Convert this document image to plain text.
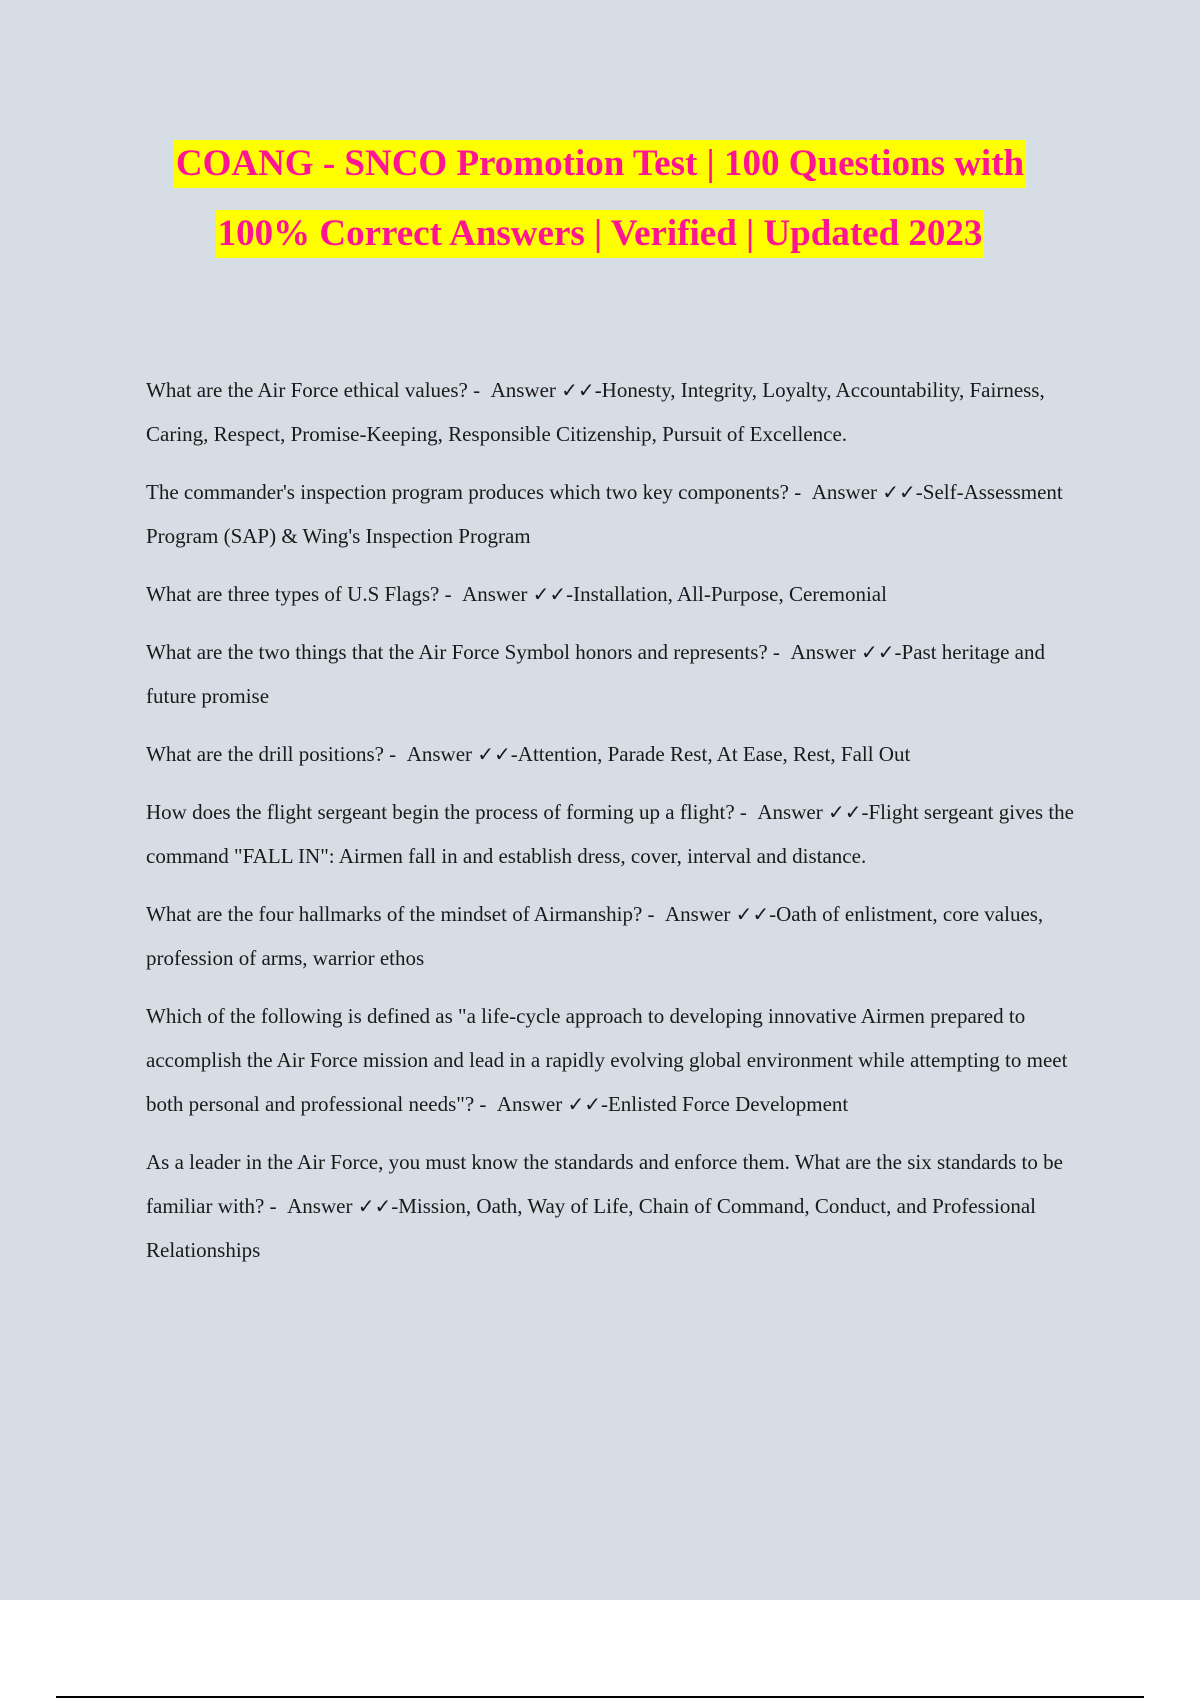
COANG - SNCO Promotion Test | 100 Questions with
100% Correct Answers | Verified | Updated 2023
What are the Air Force ethical values? -  Answer ✓✓-Honesty, Integrity, Loyalty, Accountability, Fairness, Caring, Respect, Promise-Keeping, Responsible Citizenship, Pursuit of Excellence.
The commander's inspection program produces which two key components? -  Answer ✓✓-Self-Assessment Program (SAP) & Wing's Inspection Program
What are three types of U.S Flags? -  Answer ✓✓-Installation, All-Purpose, Ceremonial
What are the two things that the Air Force Symbol honors and represents? -  Answer ✓✓-Past heritage and future promise
What are the drill positions? -  Answer ✓✓-Attention, Parade Rest, At Ease, Rest, Fall Out
How does the flight sergeant begin the process of forming up a flight? -  Answer ✓✓-Flight sergeant gives the command "FALL IN": Airmen fall in and establish dress, cover, interval and distance.
What are the four hallmarks of the mindset of Airmanship? -  Answer ✓✓-Oath of enlistment, core values, profession of arms, warrior ethos
Which of the following is defined as "a life-cycle approach to developing innovative Airmen prepared to accomplish the Air Force mission and lead in a rapidly evolving global environment while attempting to meet both personal and professional needs"? -  Answer ✓✓-Enlisted Force Development
As a leader in the Air Force, you must know the standards and enforce them. What are the six standards to be familiar with? -  Answer ✓✓-Mission, Oath, Way of Life, Chain of Command, Conduct, and Professional Relationships
